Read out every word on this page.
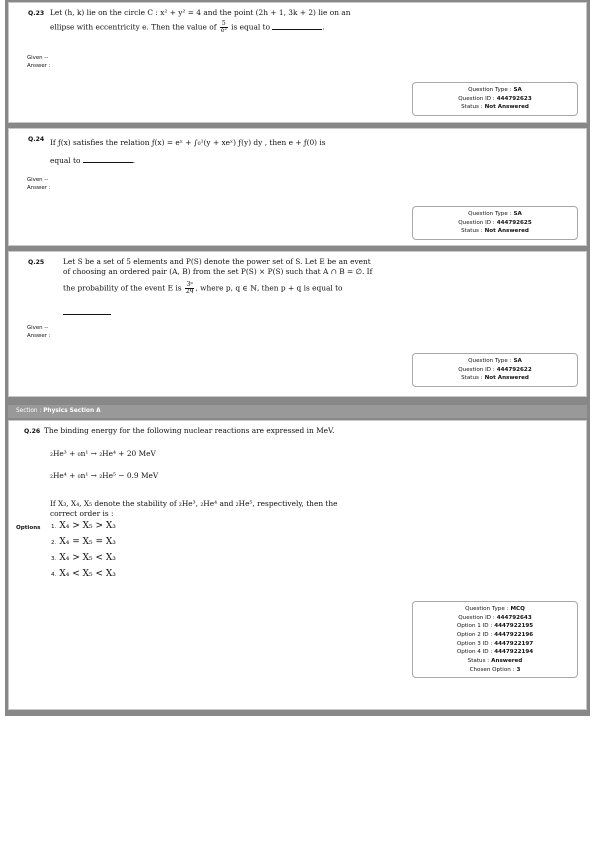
Q.23 Let (h, k) lie on the circle C : x² + y² = 4 and the point (2h + 1, 3k + 2) lie on an
ellipse with eccentricity e. Then the value of $\frac{5}{\text{e²}}$ is equal to	.
Given --
Answer :
Question Type : SA
Question ID : 444792623
Status : Not Answered
Q.24 If ƒ(x) satisfies the relation ƒ(x) = eˣ + ∫₀¹(y + xeˣ) ƒ(y) dy , then e + ƒ(0) is
equal to	.
Given --
Answer :
Question Type : SA
Question ID : 444792625
Status : Not Answered
Q.25	Let S be a set of 5 elements and P(S) denote the power set of S. Let E be an event
of choosing an ordered pair (A, B) from the set P(S) × P(S) such that A ∩ B = ∅. If
the probability of the event E is $\frac{\text{3ᵖ}}{\text{2ᑫ}}$ , where p, q ∈ ℕ, then p + q is equal to
Given --
Answer :
Question Type : SA
Question ID : 444792622
Status : Not Answered
Section : Physics Section A
Q.26 The binding energy for the following nuclear reactions are expressed in MeV.
₂He³ + ₀n¹ → ₂He⁴ + 20 MeV
₂He⁴ + ₀n¹ → ₂He⁵ − 0.9 MeV
If X₃, X₄, X₅ denote the stability of ₂He³, ₂He⁴ and ₂He⁵, respectively, then the
correct order is :
Options 1. X₄ > X₅ > X₃
2. X₄ = X₅ = X₃
3. X₄ > X₅ < X₃
4. X₄ < X₅ < X₃
Question Type : MCQ
Question ID : 444792643
Option 1 ID : 4447922195
Option 2 ID : 4447922196
Option 3 ID : 4447922197
Option 4 ID : 4447922194
Status : Answered
Chosen Option : 3
